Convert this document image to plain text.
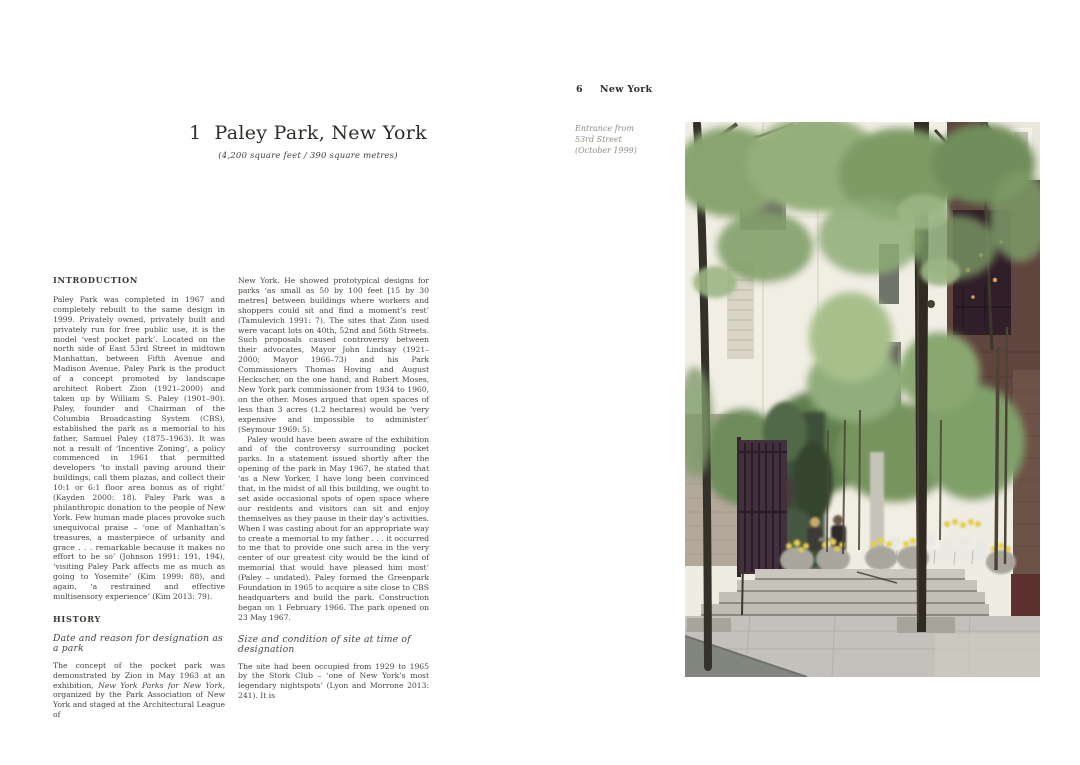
1 Paley Park, New York
(4,200 square feet / 390 square metres)
INTRODUCTION

Paley Park was completed in 1967 and completely rebuilt to the same design in 1999. Privately owned, privately built and privately run for free public use, it is the model ‘vest pocket park’. Located on the north side of East 53rd Street in midtown Manhattan, between Fifth Avenue and Madison Avenue, Paley Park is the product of a concept promoted by landscape architect Robert Zion (1921–2000) and taken up by William S. Paley (1901–90). Paley, founder and Chairman of the Columbia Broadcasting System (CBS), established the park as a memorial to his father, Samuel Paley (1875–1963). It was not a result of ‘Incentive Zoning’, a policy commenced in 1961 that permitted developers ‘to install paving around their buildings, call them plazas, and collect their 10:1 or 6:1 floor area bonus as of right’ (Kayden 2000: 18). Paley Park was a philanthropic donation to the people of New York. Few human made places provoke such unequivocal praise – ‘one of Manhattan’s treasures, a masterpiece of urbanity and grace . . . remarkable because it makes no effort to be so’ (Johnson 1991: 191, 194), ‘visiting Paley Park affects me as much as going to Yosemite’ (Kim 1999: 88), and again, ‘a restrained and effective multisensory experience’ (Kim 2013: 79).

HISTORY
Date and reason for designation as a park

The concept of the pocket park was demonstrated by Zion in May 1963 at an exhibition, New York Parks for New York, organized by the Park Association of New York and staged at the Architectural League of

New York. He showed prototypical designs for parks ‘as small as 50 by 100 feet [15 by 30 metres] between buildings where workers and shoppers could sit and find a moment’s rest’ (Tamulevich 1991: 7). The sites that Zion used were vacant lots on 40th, 52nd and 56th Streets. Such proposals caused controversy between their advocates, Mayor John Lindsay (1921–2000; Mayor 1966–73) and his Park Commissioners Thomas Hoving and August Heckscher, on the one hand, and Robert Moses, New York park commissioner from 1934 to 1960, on the other. Moses argued that open spaces of less than 3 acres (1.2 hectares) would be ‘very expensive and impossible to administer’ (Seymour 1969: 5).

Paley would have been aware of the exhibition and of the controversy surrounding pocket parks. In a statement issued shortly after the opening of the park in May 1967, he stated that ‘as a New Yorker, I have long been convinced that, in the midst of all this building, we ought to set aside occasional spots of open space where our residents and visitors can sit and enjoy themselves as they pause in their day’s activities. When I was casting about for an appropriate way to create a memorial to my father . . . it occurred to me that to provide one such area in the very center of our greatest city would be the kind of memorial that would have pleased him most’ (Paley – undated). Paley formed the Greenpark Foundation in 1965 to acquire a site close to CBS headquarters and build the park. Construction began on 1 February 1966. The park opened on 23 May 1967.

Size and condition of site at time of designation

The site had been occupied from 1929 to 1965 by the Stork Club – ‘one of New York’s most legendary nightspots’ (Lyon and Morrone 2013: 241). It is

6 New York
Entrance from
53rd Street
(October 1999)
